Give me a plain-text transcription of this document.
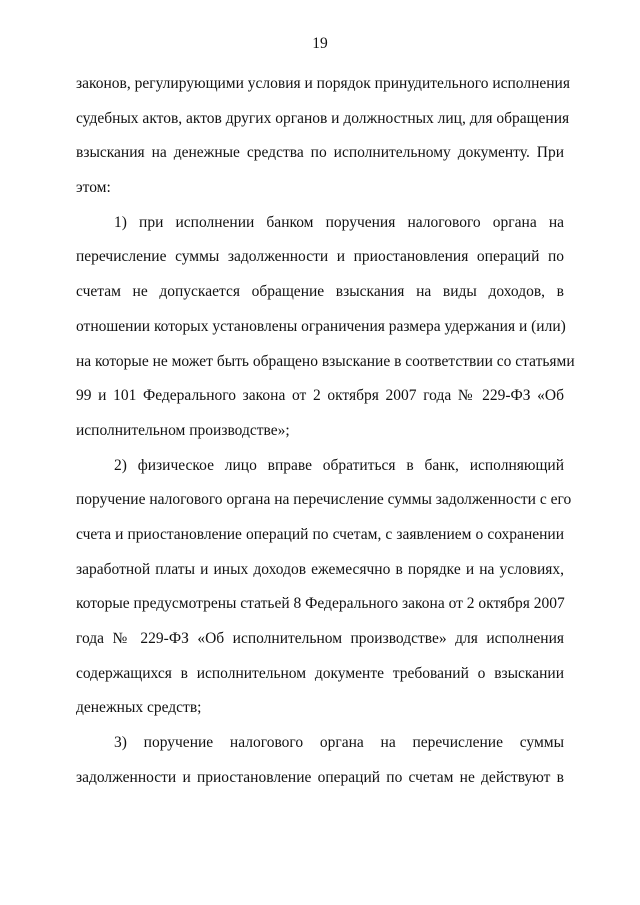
19
законов, регулирующими условия и порядок принудительного исполнения
судебных актов, актов других органов и должностных лиц, для обращения
взыскания на денежные средства по исполнительному документу. При
этом:
1) при исполнении банком поручения налогового органа на
перечисление суммы задолженности и приостановления операций по
счетам не допускается обращение взыскания на виды доходов, в
отношении которых установлены ограничения размера удержания и (или)
на которые не может быть обращено взыскание в соответствии со статьями
99 и 101 Федерального закона от 2 октября 2007 года № 229-ФЗ «Об
исполнительном производстве»;
2) физическое лицо вправе обратиться в банк, исполняющий
поручение налогового органа на перечисление суммы задолженности с его
счета и приостановление операций по счетам, с заявлением о сохранении
заработной платы и иных доходов ежемесячно в порядке и на условиях,
которые предусмотрены статьей 8 Федерального закона от 2 октября 2007
года № 229-ФЗ «Об исполнительном производстве» для исполнения
содержащихся в исполнительном документе требований о взыскании
денежных средств;
3) поручение налогового органа на перечисление суммы
задолженности и приостановление операций по счетам не действуют в
